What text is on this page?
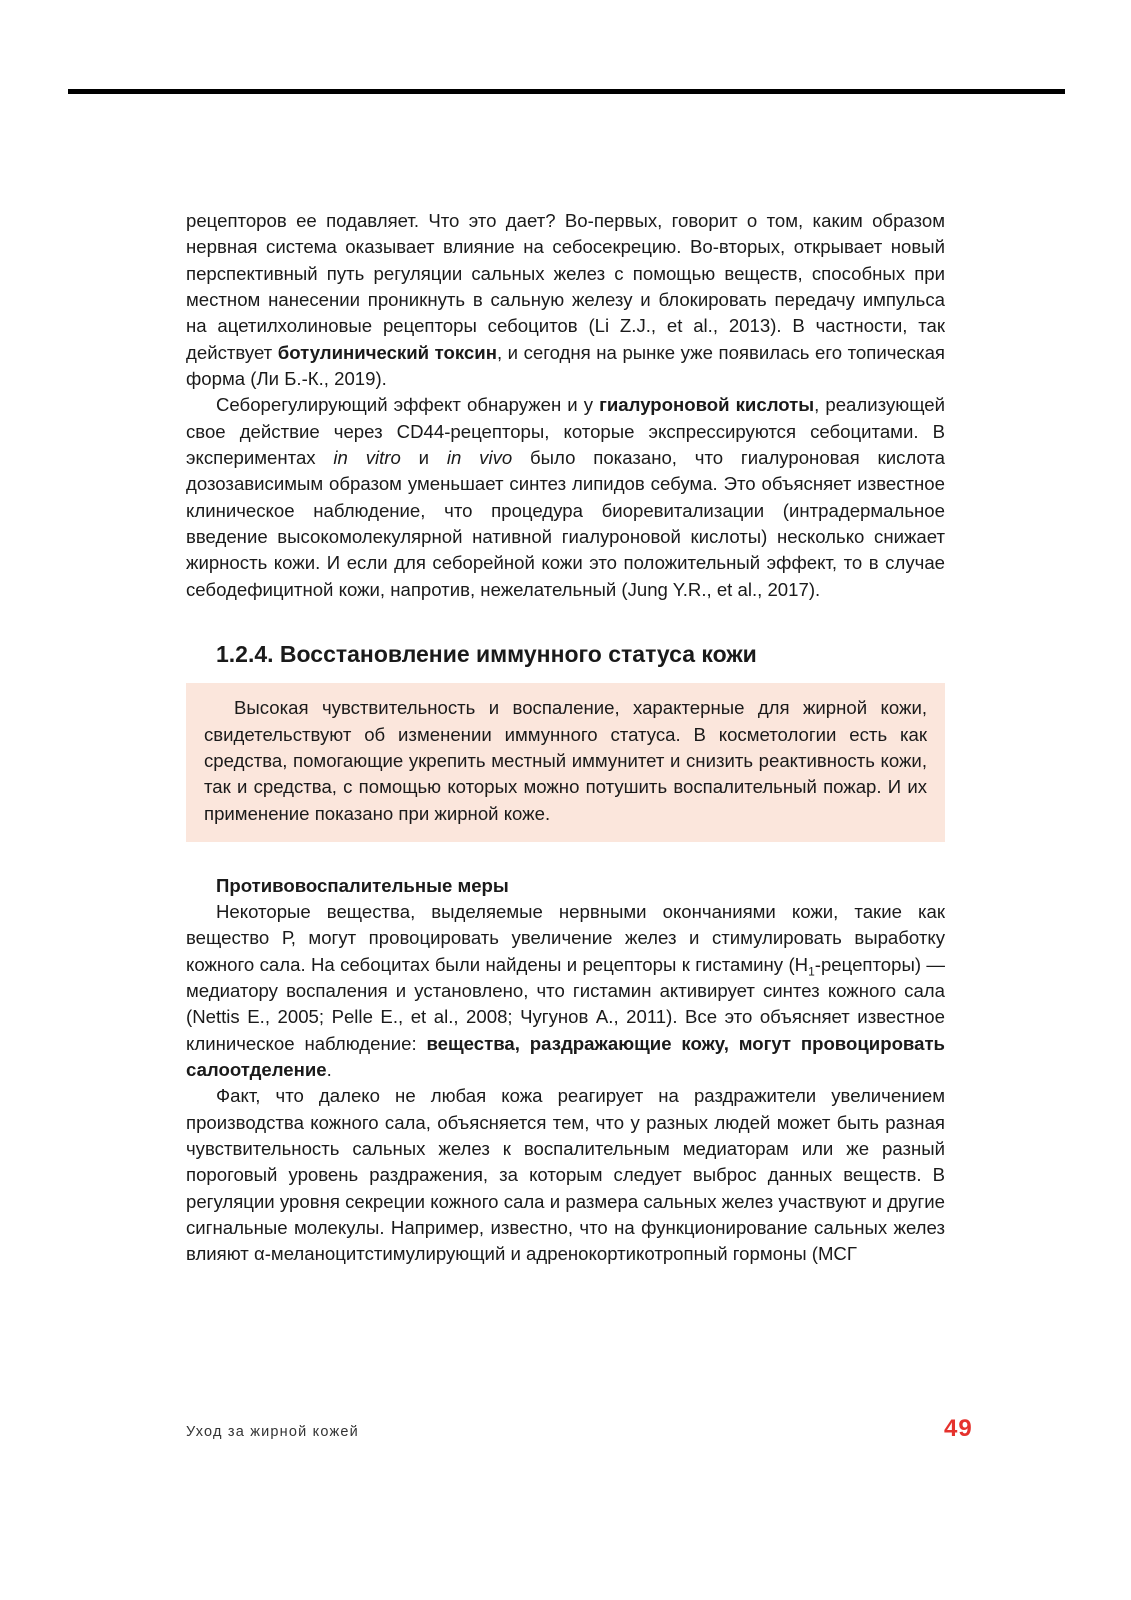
рецепторов ее подавляет. Что это дает? Во-первых, говорит о том, каким образом нервная система оказывает влияние на себосекрецию. Во-вторых, открывает новый перспективный путь регуляции сальных желез с помощью веществ, способных при местном нанесении проникнуть в сальную железу и блокировать передачу импульса на ацетилхолиновые рецепторы себоцитов (Li Z.J., et al., 2013). В частности, так действует ботулинический токсин, и сегодня на рынке уже появилась его топическая форма (Ли Б.-К., 2019).

Себорегулирующий эффект обнаружен и у гиалуроновой кислоты, реализующей свое действие через CD44-рецепторы, которые экспрессируются себоцитами. В экспериментах in vitro и in vivo было показано, что гиалуроновая кислота дозозависимым образом уменьшает синтез липидов себума. Это объясняет известное клиническое наблюдение, что процедура биоревитализации (интрадермальное введение высокомолекулярной нативной гиалуроновой кислоты) несколько снижает жирность кожи. И если для себорейной кожи это положительный эффект, то в случае себодефицитной кожи, напротив, нежелательный (Jung Y.R., et al., 2017).

1.2.4. Восстановление иммунного статуса кожи

Высокая чувствительность и воспаление, характерные для жирной кожи, свидетельствуют об изменении иммунного статуса. В косметологии есть как средства, помогающие укрепить местный иммунитет и снизить реактивность кожи, так и средства, с помощью которых можно потушить воспалительный пожар. И их применение показано при жирной коже.

Противовоспалительные меры

Некоторые вещества, выделяемые нервными окончаниями кожи, такие как вещество Р, могут провоцировать увеличение желез и стимулировать выработку кожного сала. На себоцитах были найдены и рецепторы к гистамину $(H_1-рецепторы)$ — медиатору воспаления и установлено, что гистамин активирует синтез кожного сала (Nettis E., 2005; Pelle E., et al., 2008; Чугунов А., 2011). Все это объясняет известное клиническое наблюдение: вещества, раздражающие кожу, могут провоцировать салоотделение.

Факт, что далеко не любая кожа реагирует на раздражители увеличением производства кожного сала, объясняется тем, что у разных людей может быть разная чувствительность сальных желез к воспалительным медиаторам или же разный пороговый уровень раздражения, за которым следует выброс данных веществ. В регуляции уровня секреции кожного сала и размера сальных желез участвуют и другие сигнальные молекулы. Например, известно, что на функционирование сальных желез влияют α-меланоцитстимулирующий и адренокортикотропный гормоны (МСГ

Уход за жирной кожей	49
